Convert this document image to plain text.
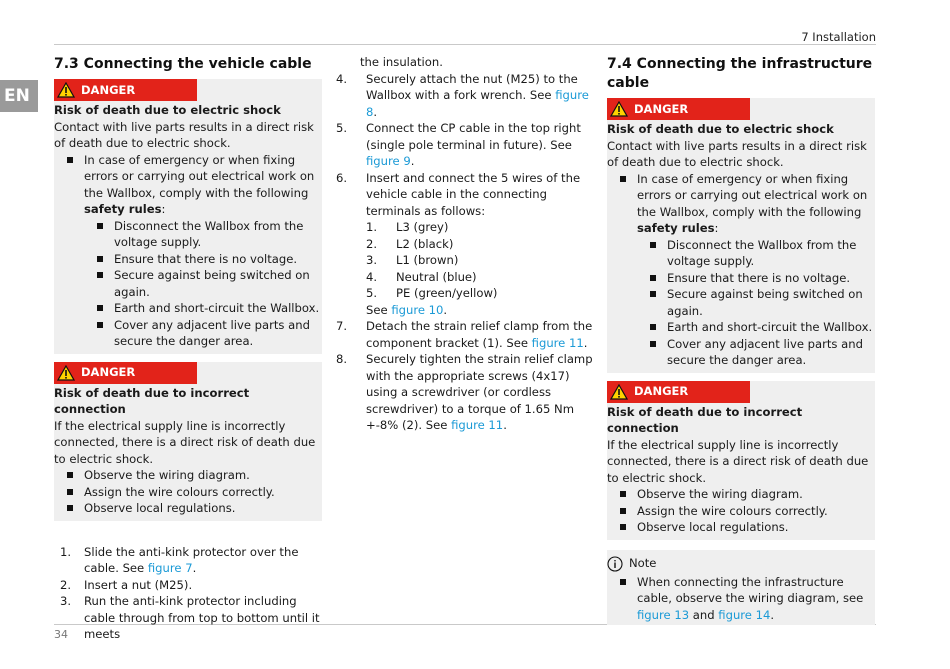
7 Installation
EN
34
7.3 Connecting the vehicle cable
DANGER
Risk of death due to electric shock
Contact with live parts results in a direct risk of death due to electric shock.
In case of emergency or when fixing errors or carrying out electrical work on the Wallbox, comply with the following safety rules:
Disconnect the Wallbox from the voltage supply.
Ensure that there is no voltage.
Secure against being switched on again.
Earth and short-circuit the Wallbox.
Cover any adjacent live parts and secure the danger area.
DANGER
Risk of death due to incorrect connection
If the electrical supply line is incorrectly connected, there is a direct risk of death due to electric shock.
Observe the wiring diagram.
Assign the wire colours correctly.
Observe local regulations.
1. Slide the anti-kink protector over the cable. See figure 7.
2. Insert a nut (M25).
3. Run the anti-kink protector including cable through from top to bottom until it meets
the insulation.
4. Securely attach the nut (M25) to the Wallbox with a fork wrench. See figure 8.
5. Connect the CP cable in the top right (single pole terminal in future). See figure 9.
6. Insert and connect the 5 wires of the vehicle cable in the connecting terminals as follows:
1. L3 (grey)
2. L2 (black)
3. L1 (brown)
4. Neutral (blue)
5. PE (green/yellow)
See figure 10.
7. Detach the strain relief clamp from the component bracket (1). See figure 11.
8. Securely tighten the strain relief clamp with the appropriate screws (4x17) using a screwdriver (or cordless screwdriver) to a torque of 1.65 Nm +-8% (2). See figure 11.
7.4 Connecting the infrastructure cable
DANGER
Risk of death due to electric shock
Contact with live parts results in a direct risk of death due to electric shock.
In case of emergency or when fixing errors or carrying out electrical work on the Wallbox, comply with the following safety rules:
Disconnect the Wallbox from the voltage supply.
Ensure that there is no voltage.
Secure against being switched on again.
Earth and short-circuit the Wallbox.
Cover any adjacent live parts and secure the danger area.
DANGER
Risk of death due to incorrect connection
If the electrical supply line is incorrectly connected, there is a direct risk of death due to electric shock.
Observe the wiring diagram.
Assign the wire colours correctly.
Observe local regulations.
Note
When connecting the infrastructure cable, observe the wiring diagram, see figure 13 and figure 14.
